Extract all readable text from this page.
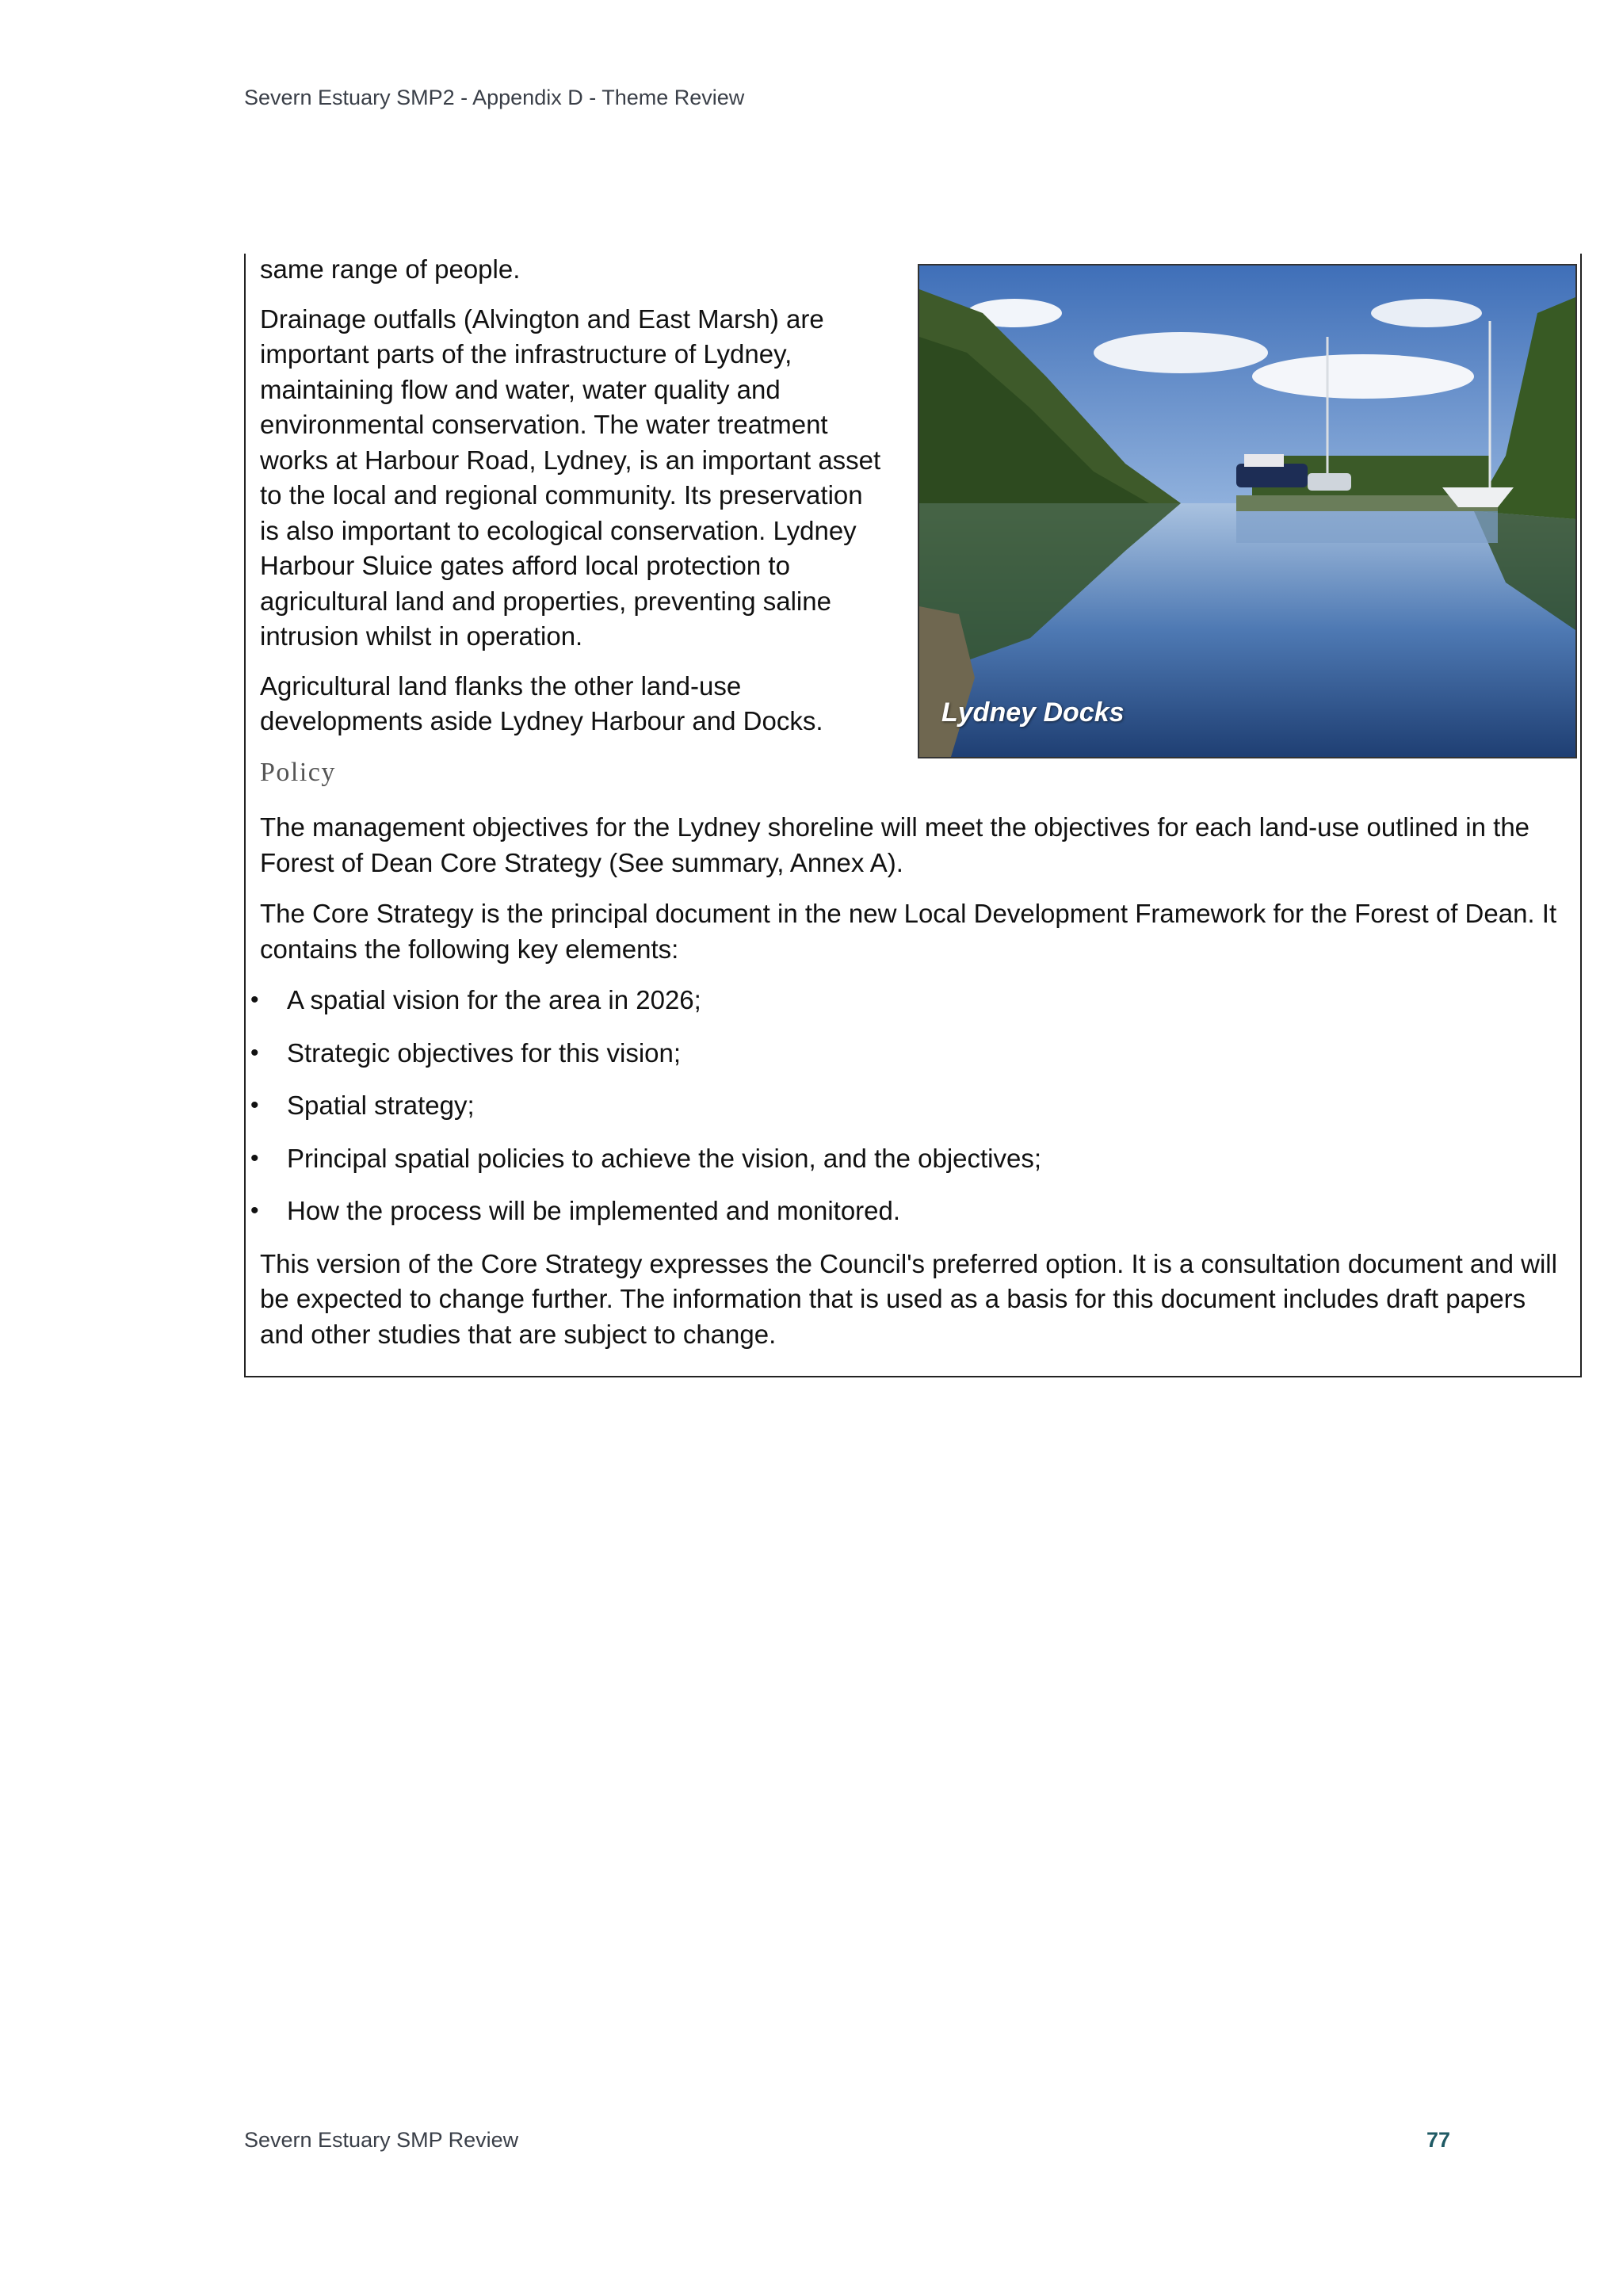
Severn Estuary SMP2 - Appendix D - Theme Review

same range of people.

Drainage outfalls (Alvington and East Marsh) are important parts of the infrastructure of Lydney, maintaining flow and water, water quality and environmental conservation. The water treatment works at Harbour Road, Lydney, is an important asset to the local and regional community. Its preservation is also important to ecological conservation. Lydney Harbour Sluice gates afford local protection to agricultural land and properties, preventing saline intrusion whilst in operation.

Agricultural land flanks the other land-use developments aside Lydney Harbour and Docks.	Lydney Docks
Policy

The management objectives for the Lydney shoreline will meet the objectives for each land-use outlined in the Forest of Dean Core Strategy (See summary, Annex A).

The Core Strategy is the principal document in the new Local Development Framework for the Forest of Dean. It contains the following key elements:

• A spatial vision for the area in 2026;
• Strategic objectives for this vision;
• Spatial strategy;
• Principal spatial policies to achieve the vision, and the objectives;
• How the process will be implemented and monitored.

This version of the Core Strategy expresses the Council's preferred option. It is a consultation document and will be expected to change further. The information that is used as a basis for this document includes draft papers and other studies that are subject to change.

Severn Estuary SMP Review	77
